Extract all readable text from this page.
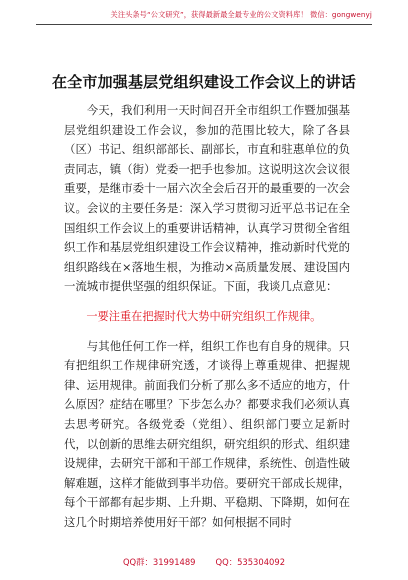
关注头条号“公文研究”，获得最新最全最专业的公文资料库！ 微信：gongwenyj
在全市加强基层党组织建设工作会议上的讲话

今天，我们利用一天时间召开全市组织工作暨加强基层党组织建设工作会议，参加的范围比较大，除了各县（区）书记、组织部部长、副部长，市直和驻惠单位的负责同志，镇（街）党委一把手也参加。这说明这次会议很重要，是继市委十一届六次全会后召开的最重要的一次会议。会议的主要任务是：深入学习贯彻习近平总书记在全国组织工作会议上的重要讲话精神，认真学习贯彻全省组织工作和基层党组织建设工作会议精神，推动新时代党的组织路线在×落地生根，为推动×高质量发展、建设国内一流城市提供坚强的组织保证。下面，我谈几点意见：

一要注重在把握时代大势中研究组织工作规律。

与其他任何工作一样，组织工作也有自身的规律。只有把组织工作规律研究透，才谈得上尊重规律、把握规律、运用规律。前面我们分析了那么多不适应的地方，什么原因？症结在哪里？下步怎么办？都要求我们必须认真去思考研究。各级党委（党组）、组织部门要立足新时代，以创新的思维去研究组织，研究组织的形式、组织建设规律，去研究干部和干部工作规律，系统性、创造性破解难题，这样才能做到事半功倍。要研究干部成长规律，每个干部都有起步期、上升期、平稳期、下降期，如何在这几个时期培养使用好干部？如何根据不同时

QQ群：31991489 QQ：535304092
